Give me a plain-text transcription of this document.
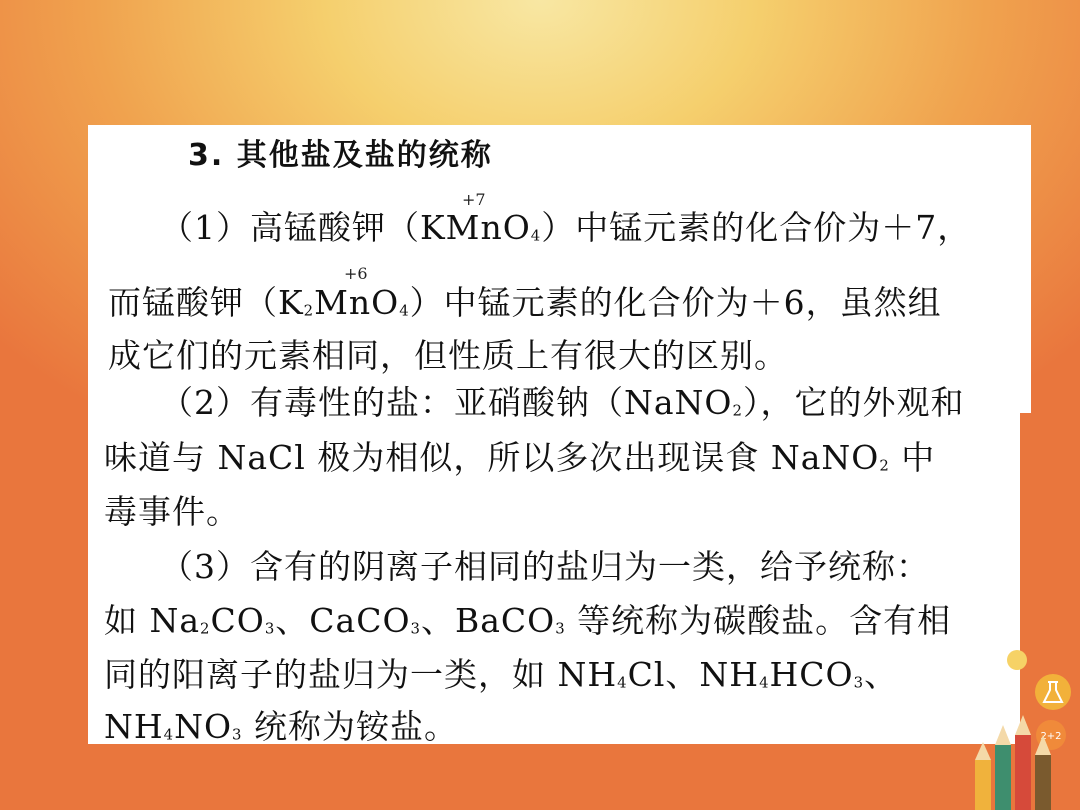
3. 其他盐及盐的统称
+7
（1）高锰酸钾（KMnO4）中锰元素的化合价为＋7，
+6
而锰酸钾（K2MnO4）中锰元素的化合价为＋6，虽然组
成它们的元素相同，但性质上有很大的区别。
（2）有毒性的盐：亚硝酸钠（NaNO2），它的外观和
味道与 NaCl 极为相似，所以多次出现误食 NaNO2 中
毒事件。
（3）含有的阴离子相同的盐归为一类，给予统称：
如 Na2CO3、CaCO3、BaCO3 等统称为碳酸盐。含有相
同的阳离子的盐归为一类，如 NH4Cl、NH4HCO3、
NH4NO3 统称为铵盐。	2+2
